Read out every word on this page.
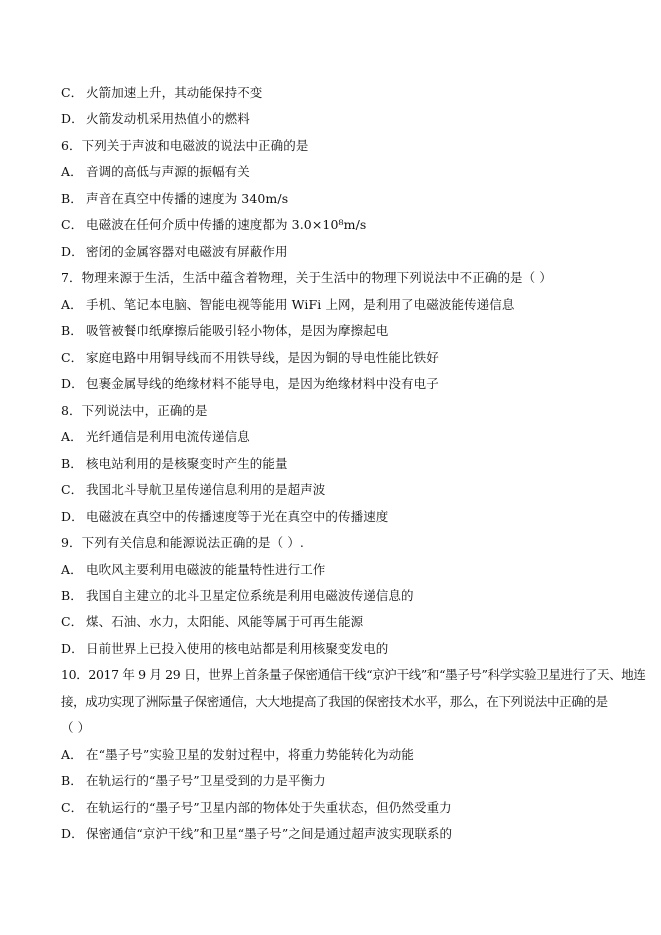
C． 火箭加速上升，其动能保持不变
D． 火箭发动机采用热值小的燃料
6．下列关于声波和电磁波的说法中正确的是
A． 音调的高低与声源的振幅有关
B． 声音在真空中传播的速度为 340m/s
C． 电磁波在任何介质中传播的速度都为 3.0×10⁸m/s
D． 密闭的金属容器对电磁波有屏蔽作用
7．物理来源于生活，生活中蕴含着物理，关于生活中的物理下列说法中不正确的是（ ）
A． 手机、笔记本电脑、智能电视等能用 WiFi 上网，是利用了电磁波能传递信息
B． 吸管被餐巾纸摩擦后能吸引轻小物体，是因为摩擦起电
C． 家庭电路中用铜导线而不用铁导线，是因为铜的导电性能比铁好
D． 包裹金属导线的绝缘材料不能导电，是因为绝缘材料中没有电子
8．下列说法中，正确的是
A． 光纤通信是利用电流传递信息
B． 核电站利用的是核聚变时产生的能量
C． 我国北斗导航卫星传递信息利用的是超声波
D． 电磁波在真空中的传播速度等于光在真空中的传播速度
9．下列有关信息和能源说法正确的是（ ）.
A． 电吹风主要利用电磁波的能量特性进行工作
B． 我国自主建立的北斗卫星定位系统是利用电磁波传递信息的
C． 煤、石油、水力，太阳能、风能等属于可再生能源
D． 日前世界上已投入使用的核电站都是利用核聚变发电的
10．2017 年 9 月 29 日，世界上首条量子保密通信干线“京沪干线”和“墨子号”科学实验卫星进行了天、地连
接，成功实现了洲际量子保密通信，大大地提高了我国的保密技术水平，那么，在下列说法中正确的是
（ ）
A． 在“墨子号”实验卫星的发射过程中，将重力势能转化为动能
B． 在轨运行的“墨子号”卫星受到的力是平衡力
C． 在轨运行的“墨子号”卫星内部的物体处于失重状态，但仍然受重力
D． 保密通信“京沪干线”和卫星“墨子号”之间是通过超声波实现联系的
